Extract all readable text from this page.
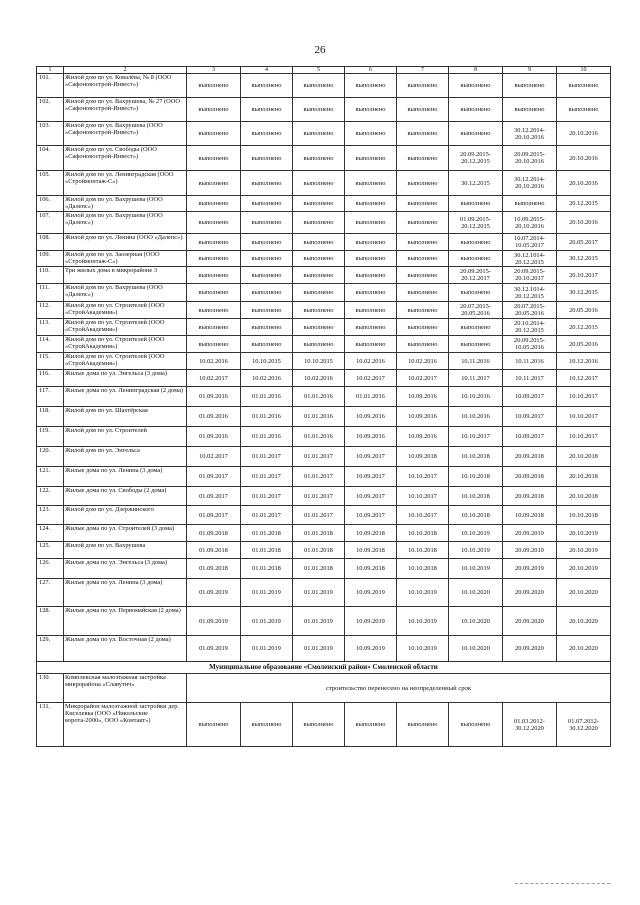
26
1	2	3	4	5	6	7	8	9	10
101.	Жилой дом по ул. Ковалёва, № 8 (ООО «Сафоновострой-Инвест»)	выполнено	выполнено	выполнено	выполнено	выполнено	выполнено	выполнено	выполнено
102.	Жилой дом по ул. Вахрушева, № 27 (ООО «Сафоновострой-Инвест»)	выполнено	выполнено	выполнено	выполнено	выполнено	выполнено	выполнено	выполнено
103.	Жилой дом по ул. Вахрушева (ООО «Сафоновострой-Инвест»)	выполнено	выполнено	выполнено	выполнено	выполнено	выполнено	30.12.2014-20.10.2016	20.10.2016
104.	Жилой дом по ул. Свободы (ООО «Сафоновострой-Инвест»)	выполнено	выполнено	выполнено	выполнено	выполнено	20.09.2015-20.12.2015	20.09.2015-20.10.2016	20.10.2016
105.	Жилой дом по ул. Ленинградская (ООО «Строймонтаж-С»)	выполнено	выполнено	выполнено	выполнено	выполнено	30.12.2015	30.12.2014-20.10.2016	20.10.2016
106.	Жилой дом по ул. Вахрушева (ООО «Далепс»)	выполнено	выполнено	выполнено	выполнено	выполнено	выполнено	выполнено	20.12.2015
107.	Жилой дом по ул. Вахрушева (ООО «Далепс»)	выполнено	выполнено	выполнено	выполнено	выполнено	01.09.2015-20.12.2015	10.09.2015-20.10.2016	20.10.2016
108.	Жилой дом по ул. Ленина (ООО «Далепс»)	выполнено	выполнено	выполнено	выполнено	выполнено	выполнено	10.07.2014-10.05.2017	20.05.2017
109.	Жилой дом по ул. Заозерная (ООО «Строймонтаж-С»)	выполнено	выполнено	выполнено	выполнено	выполнено	выполнено	30.12.1014-20.12.2015	30.12.2015
110.	Три жилых дома в микрорайоне 3	выполнено	выполнено	выполнено	выполнено	выполнено	20.09.2015-20.12.2017	20.09.2015-20.10.2017	20.10.2017
111.	Жилой дом по ул. Вахрушева (ООО «Далепс»)	выполнено	выполнено	выполнено	выполнено	выполнено	выполнено	30.12.1014-20.12.2015	30.12.2015
112.	Жилой дом по ул. Строителей (ООО «СтройАкадемия»)	выполнено	выполнено	выполнено	выполнено	выполнено	20.07.2015-20.05.2016	20.07.2015-20.05.2016	20.05.2016
113.	Жилой дом по ул. Строителей (ООО «СтройАкадемия»)	выполнено	выполнено	выполнено	выполнено	выполнено	выполнено	20.10.2014-20.12.2015	20.12.2015
114.	Жилой дом по ул. Строителей (ООО «СтройАкадемия»)	выполнено	выполнено	выполнено	выполнено	выполнено	выполнено	20.09.2015-10.05.2016	20.05.2016
115.	Жилой дом по ул. Строителей (ООО «СтройАкадемия»)	10.02.2016	10.10.2015	10.10.2015	10.02.2016	10.02.2016	10.11.2016	10.11.2016	10.12.2016
116.	Жилые дома по ул. Энгельса (3 дома)	10.02.2017	10.02.2016	10.02.2016	10.02.2017	10.02.2017	10.11.2017	10.11.2017	10.12.2017
117.	Жилые дома по ул. Ленинградская (2 дома)	01.09.2016	01.01.2016	01.01.2016	01.01.2016	10.09.2016	10.10.2016	10.09.2017	10.10.2017
118.	Жилой дом по ул. Шахтёрская	01.09.2016	01.01.2016	01.01.2016	10.09.2016	10.09.2016	10.10.2016	10.09.2017	10.10.2017
119.	Жилой дом по ул. Строителей	01.09.2016	01.01.2016	01.01.2016	10.09.2016	10.09.2016	10.10.2017	10.09.2017	10.10.2017
120.	Жилой дом по ул. Энгельса	10.02.2017	01.01.2017	01.01.2017	10.09.2017	10.09.2018	10.10.2018	20.09.2018	20.10.2018
121.	Жилые дома по ул. Ленина (3 дома)	01.09.2017	01.01.2017	01.01.2017	10.09.2017	10.10.2017	10.10.2018	20.09.2018	20.10.2018
122.	Жилые дома по ул. Свободы (2 дома)	01.09.2017	01.01.2017	01.01.2017	10.09.2017	10.10.2017	10.10.2018	20.09.2018	20.10.2018
123.	Жилой дом по ул. Дзержинского	01.09.2017	01.01.2017	01.01.2017	10.09.2017	10.10.2017	10.10.2018	10.09.2018	10.10.2018
124.	Жилые дома по ул. Строителей (3 дома)	01.09.2018	01.01.2018	01.01.2018	10.09.2018	10.10.2018	10.10.2019	20.09.2019	20.10.2019
125.	Жилой дом по ул. Вахрушева	01.09.2018	01.01.2018	01.01.2018	10.09.2018	10.10.2018	10.10.2019	20.09.2019	20.10.2019
126.	Жилые дома по ул. Энгельса (3 дома)	01.09.2018	01.01.2018	01.01.2018	10.09.2018	10.10.2018	10.10.2019	20.09.2019	20.10.2019
127.	Жилые дома по ул. Ленина (3 дома)	01.09.2019	01.01.2019	01.01.2019	10.09.2019	10.10.2019	10.10.2020	20.09.2020	20.10.2020
128.	Жилые дома по ул. Первомайская (2 дома)	01.09.2019	01.01.2019	01.01.2019	10.09.2019	10.10.2019	10.10.2020	20.09.2020	20.10.2020
129.	Жилые дома по ул. Восточная (2 дома)	01.09.2019	01.01.2019	01.01.2019	10.09.2019	10.10.2019	10.10.2020	20.09.2020	20.10.2020
Муниципальное образование «Смоленский район» Смоленской области									
130.	Комплексная малоэтажная застройка микрорайона «Славутич»	строительство перенесено на неопределенный срок							
131.	Микрорайон малоэтажной застройки дер. Киселевка (ООО «Никольские ворота-2000», ООО «Контакт»)	выполнено	выполнено	выполнено	выполнено	выполнено	выполнено	01.03.2012-30.12.2020	01.07.2012-30.12.2020
